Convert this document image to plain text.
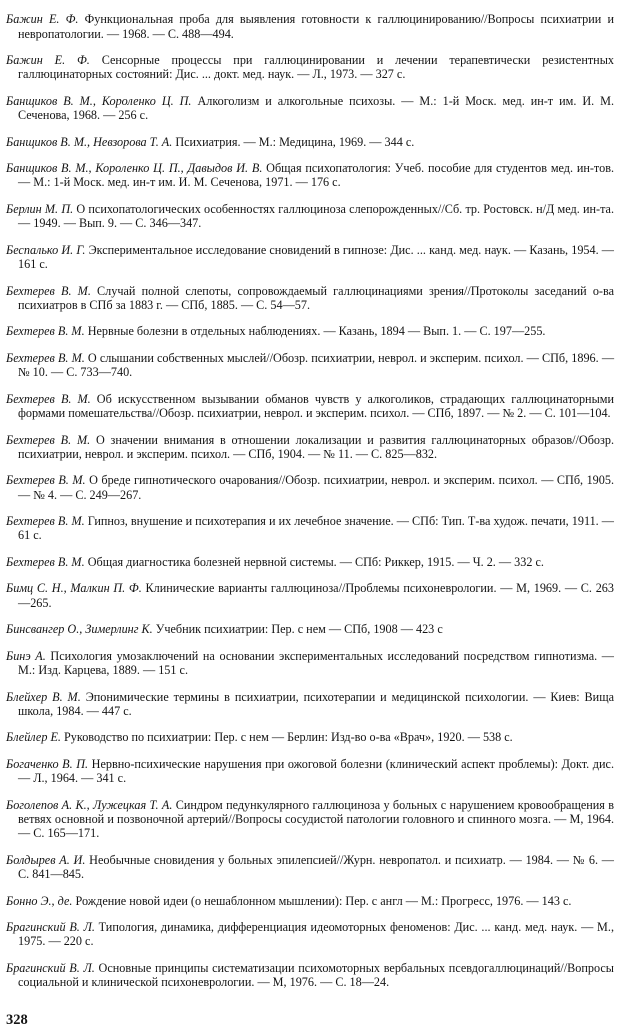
Бажин Е. Ф. Функциональная проба для выявления готовности к галлюцинированию//Вопросы психиатрии и невропатологии. — 1968. — С. 488—494.

Бажин Е. Ф. Сенсорные процессы при галлюцинировании и лечении терапевтически резистентных галлюцинаторных состояний: Дис. ... докт. мед. наук. — Л., 1973. — 327 с.

Банщиков В. М., Короленко Ц. П. Алкоголизм и алкогольные психозы. — М.: 1-й Моск. мед. ин-т им. И. М. Сеченова, 1968. — 256 с.

Банщиков В. М., Невзорова Т. А. Психиатрия. — М.: Медицина, 1969. — 344 с.

Банщиков В. М., Короленко Ц. П., Давыдов И. В. Общая психопатология: Учеб. пособие для студентов мед. ин-тов. — М.: 1-й Моск. мед. ин-т им. И. М. Сеченова, 1971. — 176 с.

Берлин М. П. О психопатологических особенностях галлюциноза слепорожденных//Сб. тр. Ростовск. н/Д мед. ин-та. — 1949. — Вып. 9. — С. 346—347.

Беспалько И. Г. Экспериментальное исследование сновидений в гипнозе: Дис. ... канд. мед. наук. — Казань, 1954. — 161 с.

Бехтерев В. М. Случай полной слепоты, сопровождаемый галлюцинациями зрения//Протоколы заседаний о-ва психиатров в СПб за 1883 г. — СПб, 1885. — С. 54—57.

Бехтерев В. М. Нервные болезни в отдельных наблюдениях. — Казань, 1894 — Вып. 1. — С. 197—255.

Бехтерев В. М. О слышании собственных мыслей//Обозр. психиатрии, неврол. и эксперим. психол. — СПб, 1896. — № 10. — С. 733—740.

Бехтерев В. М. Об искусственном вызывании обманов чувств у алкоголиков, страдающих галлюцинаторными формами помешательства//Обозр. психиатрии, неврол. и эксперим. психол. — СПб, 1897. — № 2. — С. 101—104.

Бехтерев В. М. О значении внимания в отношении локализации и развития галлюцинаторных образов//Обозр. психиатрии, неврол. и эксперим. психол. — СПб, 1904. — № 11. — С. 825—832.

Бехтерев В. М. О бреде гипнотического очарования//Обозр. психиатрии, неврол. и эксперим. психол. — СПб, 1905. — № 4. — С. 249—267.

Бехтерев В. М. Гипноз, внушение и психотерапия и их лечебное значение. — СПб: Тип. Т-ва худож. печати, 1911. — 61 с.

Бехтерев В. М. Общая диагностика болезней нервной системы. — СПб: Риккер, 1915. — Ч. 2. — 332 с.

Бимц С. Н., Малкин П. Ф. Клинические варианты галлюциноза//Проблемы психоневрологии. — М, 1969. — С. 263—265.

Бинсвангер О., Зимерлинг К. Учебник психиатрии: Пер. с нем — СПб, 1908 — 423 с

Бинэ А. Психология умозаключений на основании экспериментальных исследований посредством гипнотизма. — М.: Изд. Карцева, 1889. — 151 с.

Блейхер В. М. Эпонимические термины в психиатрии, психотерапии и медицинской психологии. — Киев: Вища школа, 1984. — 447 с.

Блейлер Е. Руководство по психиатрии: Пер. с нем — Берлин: Изд-во о-ва «Врач», 1920. — 538 с.

Богаченко В. П. Нервно-психические нарушения при ожоговой болезни (клинический аспект проблемы): Докт. дис. — Л., 1964. — 341 с.

Боголепов А. К., Лужецкая Т. А. Синдром педункулярного галлюциноза у больных с нарушением кровообращения в ветвях основной и позвоночной артерий//Вопросы сосудистой патологии головного и спинного мозга. — М, 1964. — С. 165—171.

Болдырев А. И. Необычные сновидения у больных эпилепсией//Журн. невропатол. и психиатр. — 1984. — № 6. — С. 841—845.

Бонно Э., де. Рождение новой идеи (о нешаблонном мышлении): Пер. с англ — М.: Прогресс, 1976. — 143 с.

Брагинский В. Л. Типология, динамика, дифференциация идеомоторных феноменов: Дис. ... канд. мед. наук. — М., 1975. — 220 с.

Брагинский В. Л. Основные принципы систематизации психомоторных вербальных псевдогаллюцинаций//Вопросы социальной и клинической психоневрологии. — М, 1976. — С. 18—24.

328
